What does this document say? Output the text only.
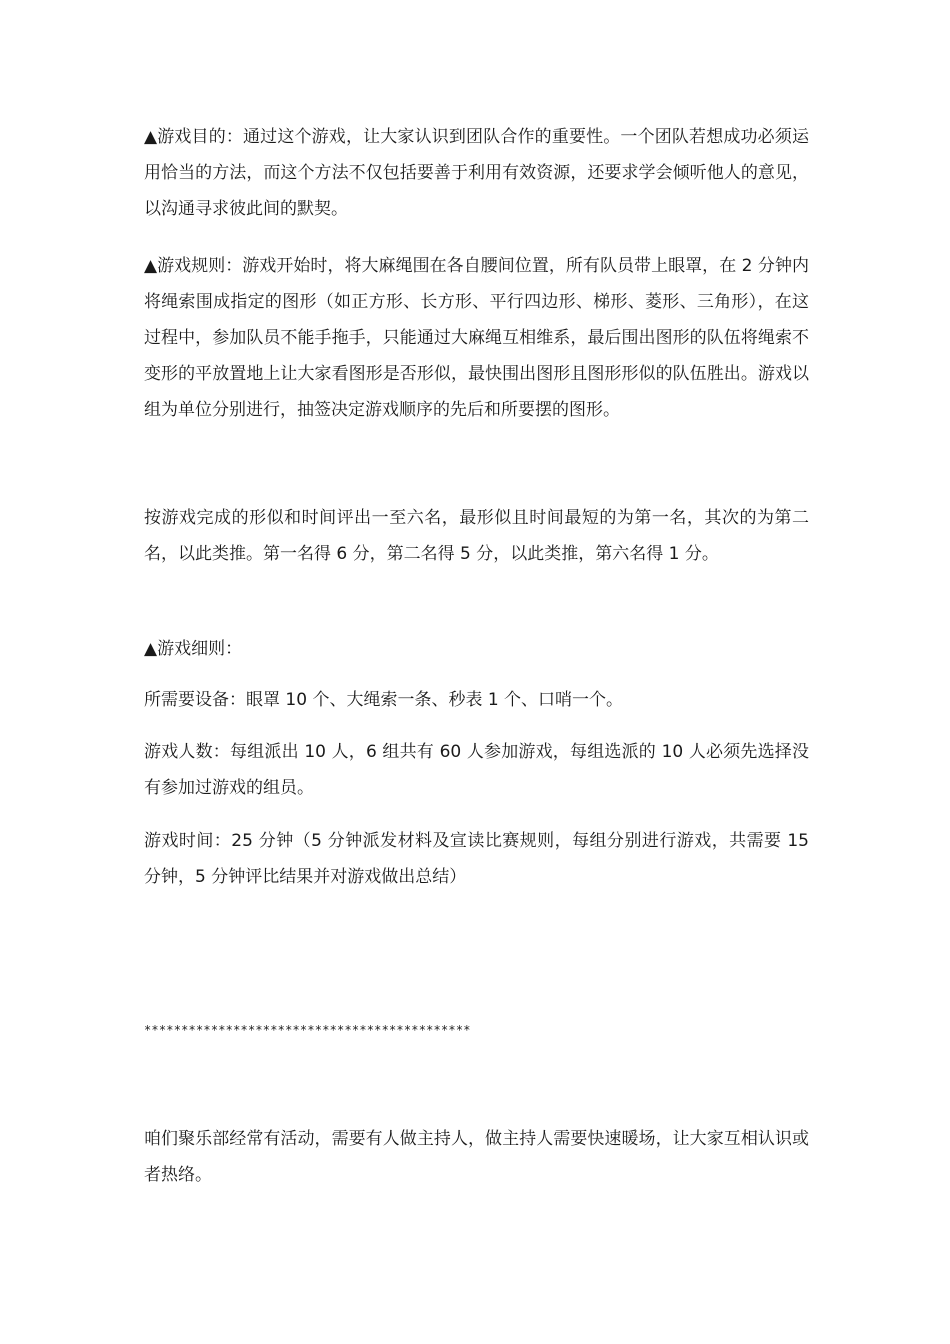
▲游戏目的：通过这个游戏，让大家认识到团队合作的重要性。一个团队若想成功必须运用恰当的方法，而这个方法不仅包括要善于利用有效资源，还要求学会倾听他人的意见，以沟通寻求彼此间的默契。

▲游戏规则：游戏开始时，将大麻绳围在各自腰间位置，所有队员带上眼罩，在 2 分钟内将绳索围成指定的图形（如正方形、长方形、平行四边形、梯形、菱形、三角形），在这过程中，参加队员不能手拖手，只能通过大麻绳互相维系，最后围出图形的队伍将绳索不变形的平放置地上让大家看图形是否形似，最快围出图形且图形形似的队伍胜出。游戏以组为单位分别进行，抽签决定游戏顺序的先后和所要摆的图形。

按游戏完成的形似和时间评出一至六名，最形似且时间最短的为第一名，其次的为第二名，以此类推。第一名得 6 分，第二名得 5 分，以此类推，第六名得 1 分。

▲游戏细则：

所需要设备：眼罩 10 个、大绳索一条、秒表 1 个、口哨一个。

游戏人数：每组派出 10 人，6 组共有 60 人参加游戏，每组选派的 10 人必须先选择没有参加过游戏的组员。

游戏时间：25 分钟（5 分钟派发材料及宣读比赛规则，每组分别进行游戏，共需要 15 分钟，5 分钟评比结果并对游戏做出总结）

********************************************

咱们聚乐部经常有活动，需要有人做主持人，做主持人需要快速暖场，让大家互相认识或者热络。
